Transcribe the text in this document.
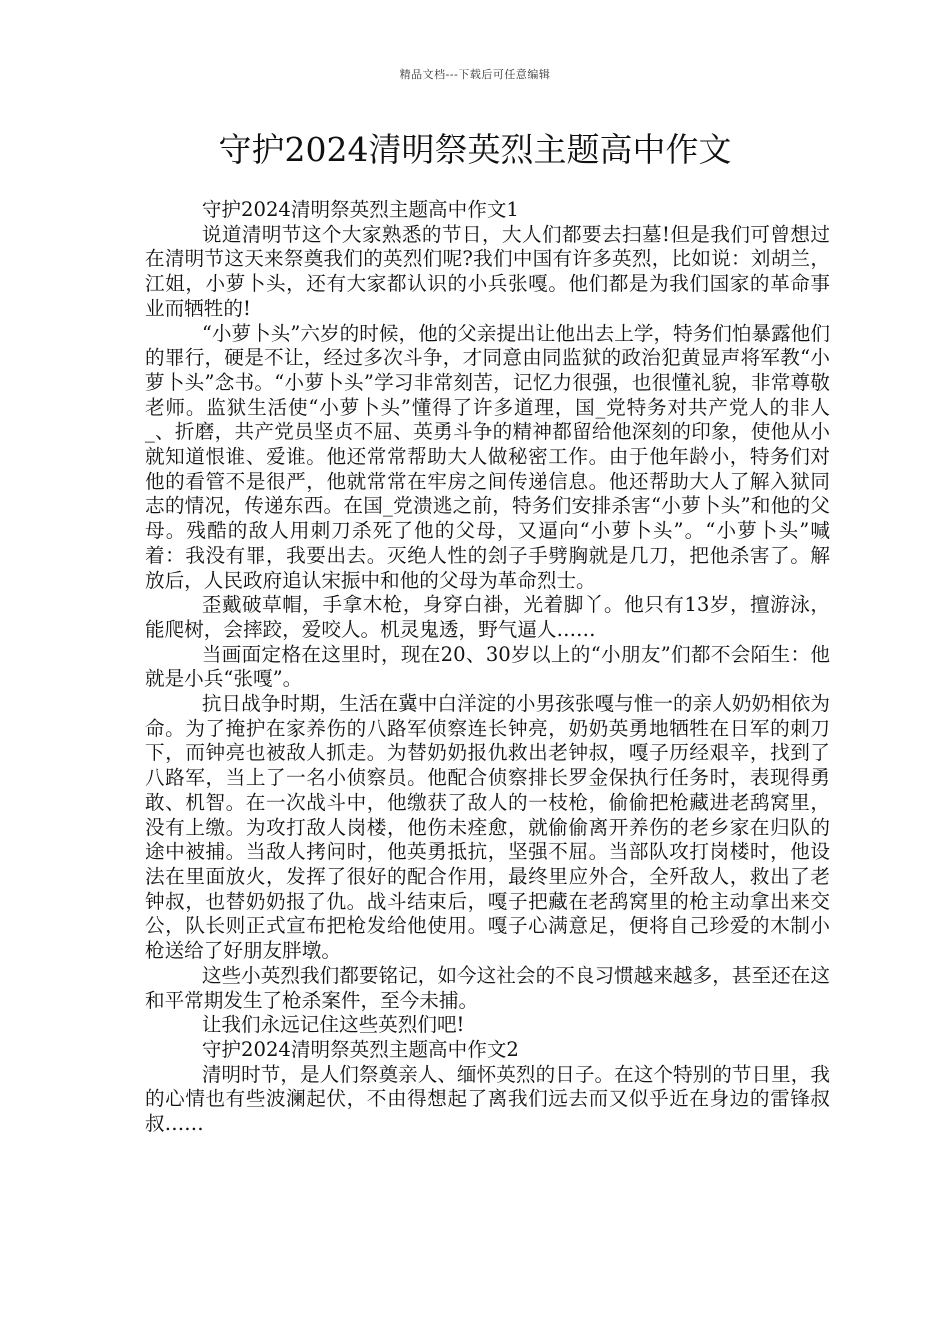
精品文档---下载后可任意编辑
守护2024清明祭英烈主题高中作文

守护2024清明祭英烈主题高中作文1

说道清明节这个大家熟悉的节日，大人们都要去扫墓!但是我们可曾想过在清明节这天来祭奠我们的英烈们呢?我们中国有许多英烈，比如说：刘胡兰，江姐，小萝卜头，还有大家都认识的小兵张嘎。他们都是为我们国家的革命事业而牺牲的!

“小萝卜头”六岁的时候，他的父亲提出让他出去上学，特务们怕暴露他们的罪行，硬是不让，经过多次斗争，才同意由同监狱的政治犯黄显声将军教“小萝卜头”念书。“小萝卜头”学习非常刻苦，记忆力很强，也很懂礼貌，非常尊敬老师。监狱生活使“小萝卜头”懂得了许多道理，国_党特务对共产党人的非人_、折磨，共产党员坚贞不屈、英勇斗争的精神都留给他深刻的印象，使他从小就知道恨谁、爱谁。他还常常帮助大人做秘密工作。由于他年龄小，特务们对他的看管不是很严，他就常常在牢房之间传递信息。他还帮助大人了解入狱同志的情况，传递东西。在国_党溃逃之前，特务们安排杀害“小萝卜头”和他的父母。残酷的敌人用刺刀杀死了他的父母，又逼向“小萝卜头”。“小萝卜头”喊着：我没有罪，我要出去。灭绝人性的刽子手劈胸就是几刀，把他杀害了。解放后，人民政府追认宋振中和他的父母为革命烈士。

歪戴破草帽，手拿木枪，身穿白褂，光着脚丫。他只有13岁，擅游泳，能爬树，会摔跤，爱咬人。机灵鬼透，野气逼人……

当画面定格在这里时，现在20、30岁以上的“小朋友”们都不会陌生：他就是小兵“张嘎”。

抗日战争时期，生活在冀中白洋淀的小男孩张嘎与惟一的亲人奶奶相依为命。为了掩护在家养伤的八路军侦察连长钟亮，奶奶英勇地牺牲在日军的刺刀下，而钟亮也被敌人抓走。为替奶奶报仇救出老钟叔，嘎子历经艰辛，找到了八路军，当上了一名小侦察员。他配合侦察排长罗金保执行任务时，表现得勇敢、机智。在一次战斗中，他缴获了敌人的一枝枪，偷偷把枪藏进老鸹窝里，没有上缴。为攻打敌人岗楼，他伤未痊愈，就偷偷离开养伤的老乡家在归队的途中被捕。当敌人拷问时，他英勇抵抗，坚强不屈。当部队攻打岗楼时，他设法在里面放火，发挥了很好的配合作用，最终里应外合，全歼敌人，救出了老钟叔，也替奶奶报了仇。战斗结束后，嘎子把藏在老鸹窝里的枪主动拿出来交公，队长则正式宣布把枪发给他使用。嘎子心满意足，便将自己珍爱的木制小枪送给了好朋友胖墩。

这些小英烈我们都要铭记，如今这社会的不良习惯越来越多，甚至还在这和平常期发生了枪杀案件，至今未捕。

让我们永远记住这些英烈们吧!

守护2024清明祭英烈主题高中作文2

清明时节，是人们祭奠亲人、缅怀英烈的日子。在这个特别的节日里，我的心情也有些波澜起伏，不由得想起了离我们远去而又似乎近在身边的雷锋叔叔……
